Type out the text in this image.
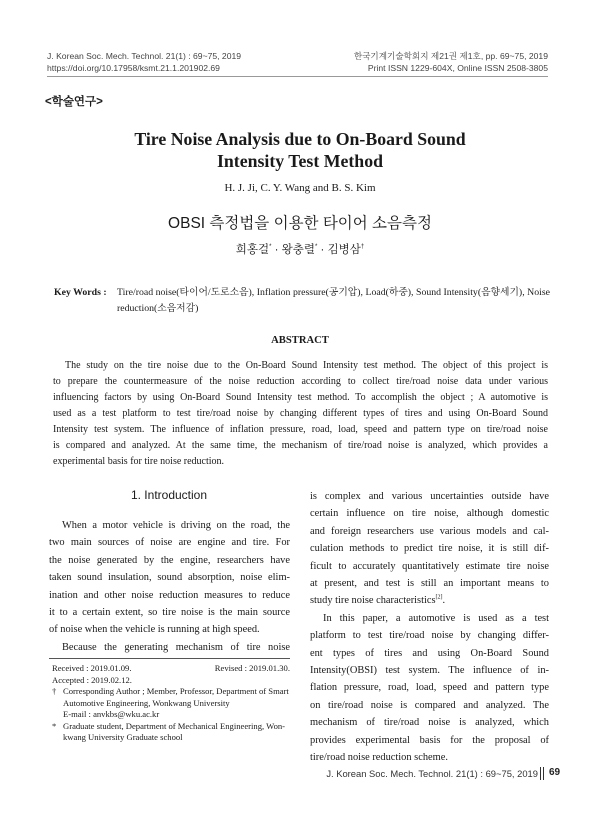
J. Korean Soc. Mech. Technol. 21(1) : 69~75, 2019
https://doi.org/10.17958/ksmt.21.1.201902.69
한국기계기술학회지 제21권 제1호, pp. 69~75, 2019
Print ISSN 1229-604X, Online ISSN 2508-3805
<학술연구>
Tire Noise Analysis due to On-Board Sound
Intensity Test Method
H. J. Ji, C. Y. Wang and B. S. Kim
OBSI 측정법을 이용한 타이어 소음측정
희홍걸* · 왕충렬* · 김병삼†
Key Words : Tire/road noise(타이어/도로소음), Inflation pressure(공기압), Load(하중), Sound Intensity(음향세기), Noise
reduction(소음저감)
ABSTRACT
The study on the tire noise due to the On-Board Sound Intensity test method. The object of this project is
to prepare the countermeasure of the noise reduction according to collect tire/road noise data under various
influencing factors by using On-Board Sound Intensity test method. To accomplish the object ; A automotive is
used as a test platform to test tire/road noise by changing different types of tires and using On-Board Sound
Intensity test system. The influence of inflation pressure, road, load, speed and pattern type on tire/road noise
is compared and analyzed. At the same time, the mechanism of tire/road noise is analyzed, which provides a
experimental basis for tire noise reduction.
1. Introduction
When a motor vehicle is driving on the road, the
two main sources of noise are engine and tire. For
the noise generated by the engine, researchers have
taken sound insulation, sound absorption, noise elim-
ination and other noise reduction measures to reduce
it to a certain extent, so tire noise is the main source
of noise when the vehicle is running at high speed.
Because the generating mechanism of tire noise
Received : 2019.01.09.	Revised : 2019.01.30.
Accepted : 2019.02.12.
† Corresponding Author ; Member, Professor, Department of Smart
Automotive Engineering, Wonkwang University
E-mail : anvkbs@wku.ac.kr
* Graduate student, Department of Mechanical Engineering, Won-
kwang University Graduate school
is complex and various uncertainties outside have
certain influence on tire noise, although domestic
and foreign researchers use various models and cal-
culation methods to predict tire noise, it is still dif-
ficult to accurately quantitatively estimate tire noise
at present, and test is still an important means to
study tire noise characteristics[2].
In this paper, a automotive is used as a test
platform to test tire/road noise by changing differ-
ent types of tires and using On-Board Sound
Intensity(OBSI) test system. The influence of in-
flation pressure, road, load, speed and pattern type
on tire/road noise is compared and analyzed. The
mechanism of tire/road noise is analyzed, which
provides experimental basis for the proposal of
tire/road noise reduction scheme.
J. Korean Soc. Mech. Technol. 21(1) : 69~75, 2019 69
